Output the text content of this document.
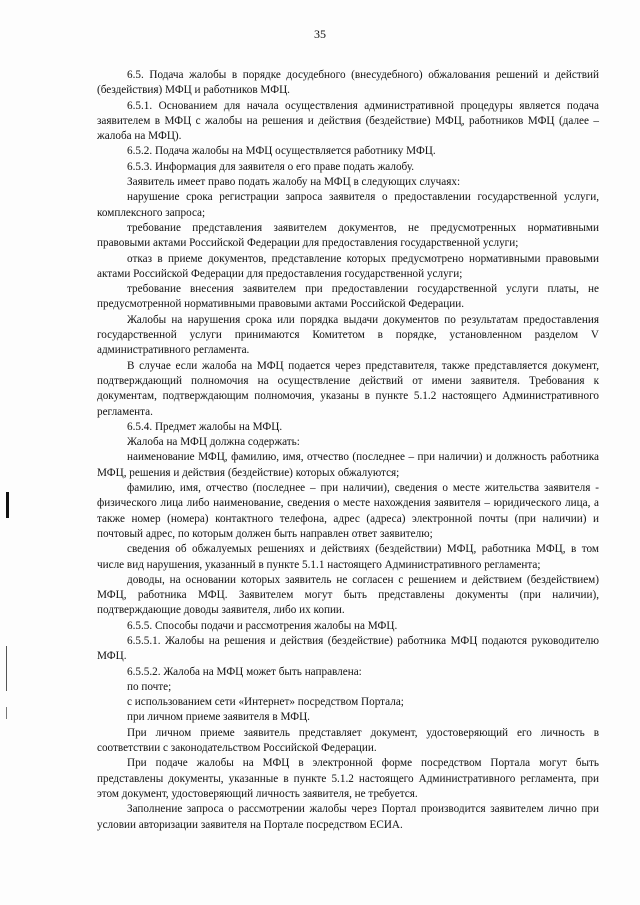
35

6.5. Подача жалобы в порядке досудебного (внесудебного) обжалования решений и действий (бездействия) МФЦ и работников МФЦ.

6.5.1. Основанием для начала осуществления административной процедуры является подача заявителем в МФЦ с жалобы на решения и действия (бездействие) МФЦ, работников МФЦ (далее – жалоба на МФЦ).

6.5.2. Подача жалобы на МФЦ осуществляется работнику МФЦ.

6.5.3. Информация для заявителя о его праве подать жалобу.

Заявитель имеет право подать жалобу на МФЦ в следующих случаях:

нарушение срока регистрации запроса заявителя о предоставлении государственной услуги, комплексного запроса;

требование представления заявителем документов, не предусмотренных нормативными правовыми актами Российской Федерации для предоставления государственной услуги;

отказ в приеме документов, представление которых предусмотрено нормативными правовыми актами Российской Федерации для предоставления государственной услуги;

требование внесения заявителем при предоставлении государственной услуги платы, не предусмотренной нормативными правовыми актами Российской Федерации.

Жалобы на нарушения срока или порядка выдачи документов по результатам предоставления государственной услуги принимаются Комитетом в порядке, установленном разделом V административного регламента.

В случае если жалоба на МФЦ подается через представителя, также представляется документ, подтверждающий полномочия на осуществление действий от имени заявителя. Требования к документам, подтверждающим полномочия, указаны в пункте 5.1.2 настоящего Административного регламента.

6.5.4. Предмет жалобы на МФЦ.

Жалоба на МФЦ должна содержать:

наименование МФЦ, фамилию, имя, отчество (последнее – при наличии) и должность работника МФЦ, решения и действия (бездействие) которых обжалуются;

фамилию, имя, отчество (последнее – при наличии), сведения о месте жительства заявителя - физического лица либо наименование, сведения о месте нахождения заявителя – юридического лица, а также номер (номера) контактного телефона, адрес (адреса) электронной почты (при наличии) и почтовый адрес, по которым должен быть направлен ответ заявителю;

сведения об обжалуемых решениях и действиях (бездействии) МФЦ, работника МФЦ, в том числе вид нарушения, указанный в пункте 5.1.1 настоящего Административного регламента;

доводы, на основании которых заявитель не согласен с решением и действием (бездействием) МФЦ, работника МФЦ. Заявителем могут быть представлены документы (при наличии), подтверждающие доводы заявителя, либо их копии.

6.5.5. Способы подачи и рассмотрения жалобы на МФЦ.

6.5.5.1. Жалобы на решения и действия (бездействие) работника МФЦ подаются руководителю МФЦ.

6.5.5.2. Жалоба на МФЦ может быть направлена:

по почте;

с использованием сети «Интернет» посредством Портала;

при личном приеме заявителя в МФЦ.

При личном приеме заявитель представляет документ, удостоверяющий его личность в соответствии с законодательством Российской Федерации.

При подаче жалобы на МФЦ в электронной форме посредством Портала могут быть представлены документы, указанные в пункте 5.1.2 настоящего Административного регламента, при этом документ, удостоверяющий личность заявителя, не требуется.

Заполнение запроса о рассмотрении жалобы через Портал производится заявителем лично при условии авторизации заявителя на Портале посредством ЕСИА.
